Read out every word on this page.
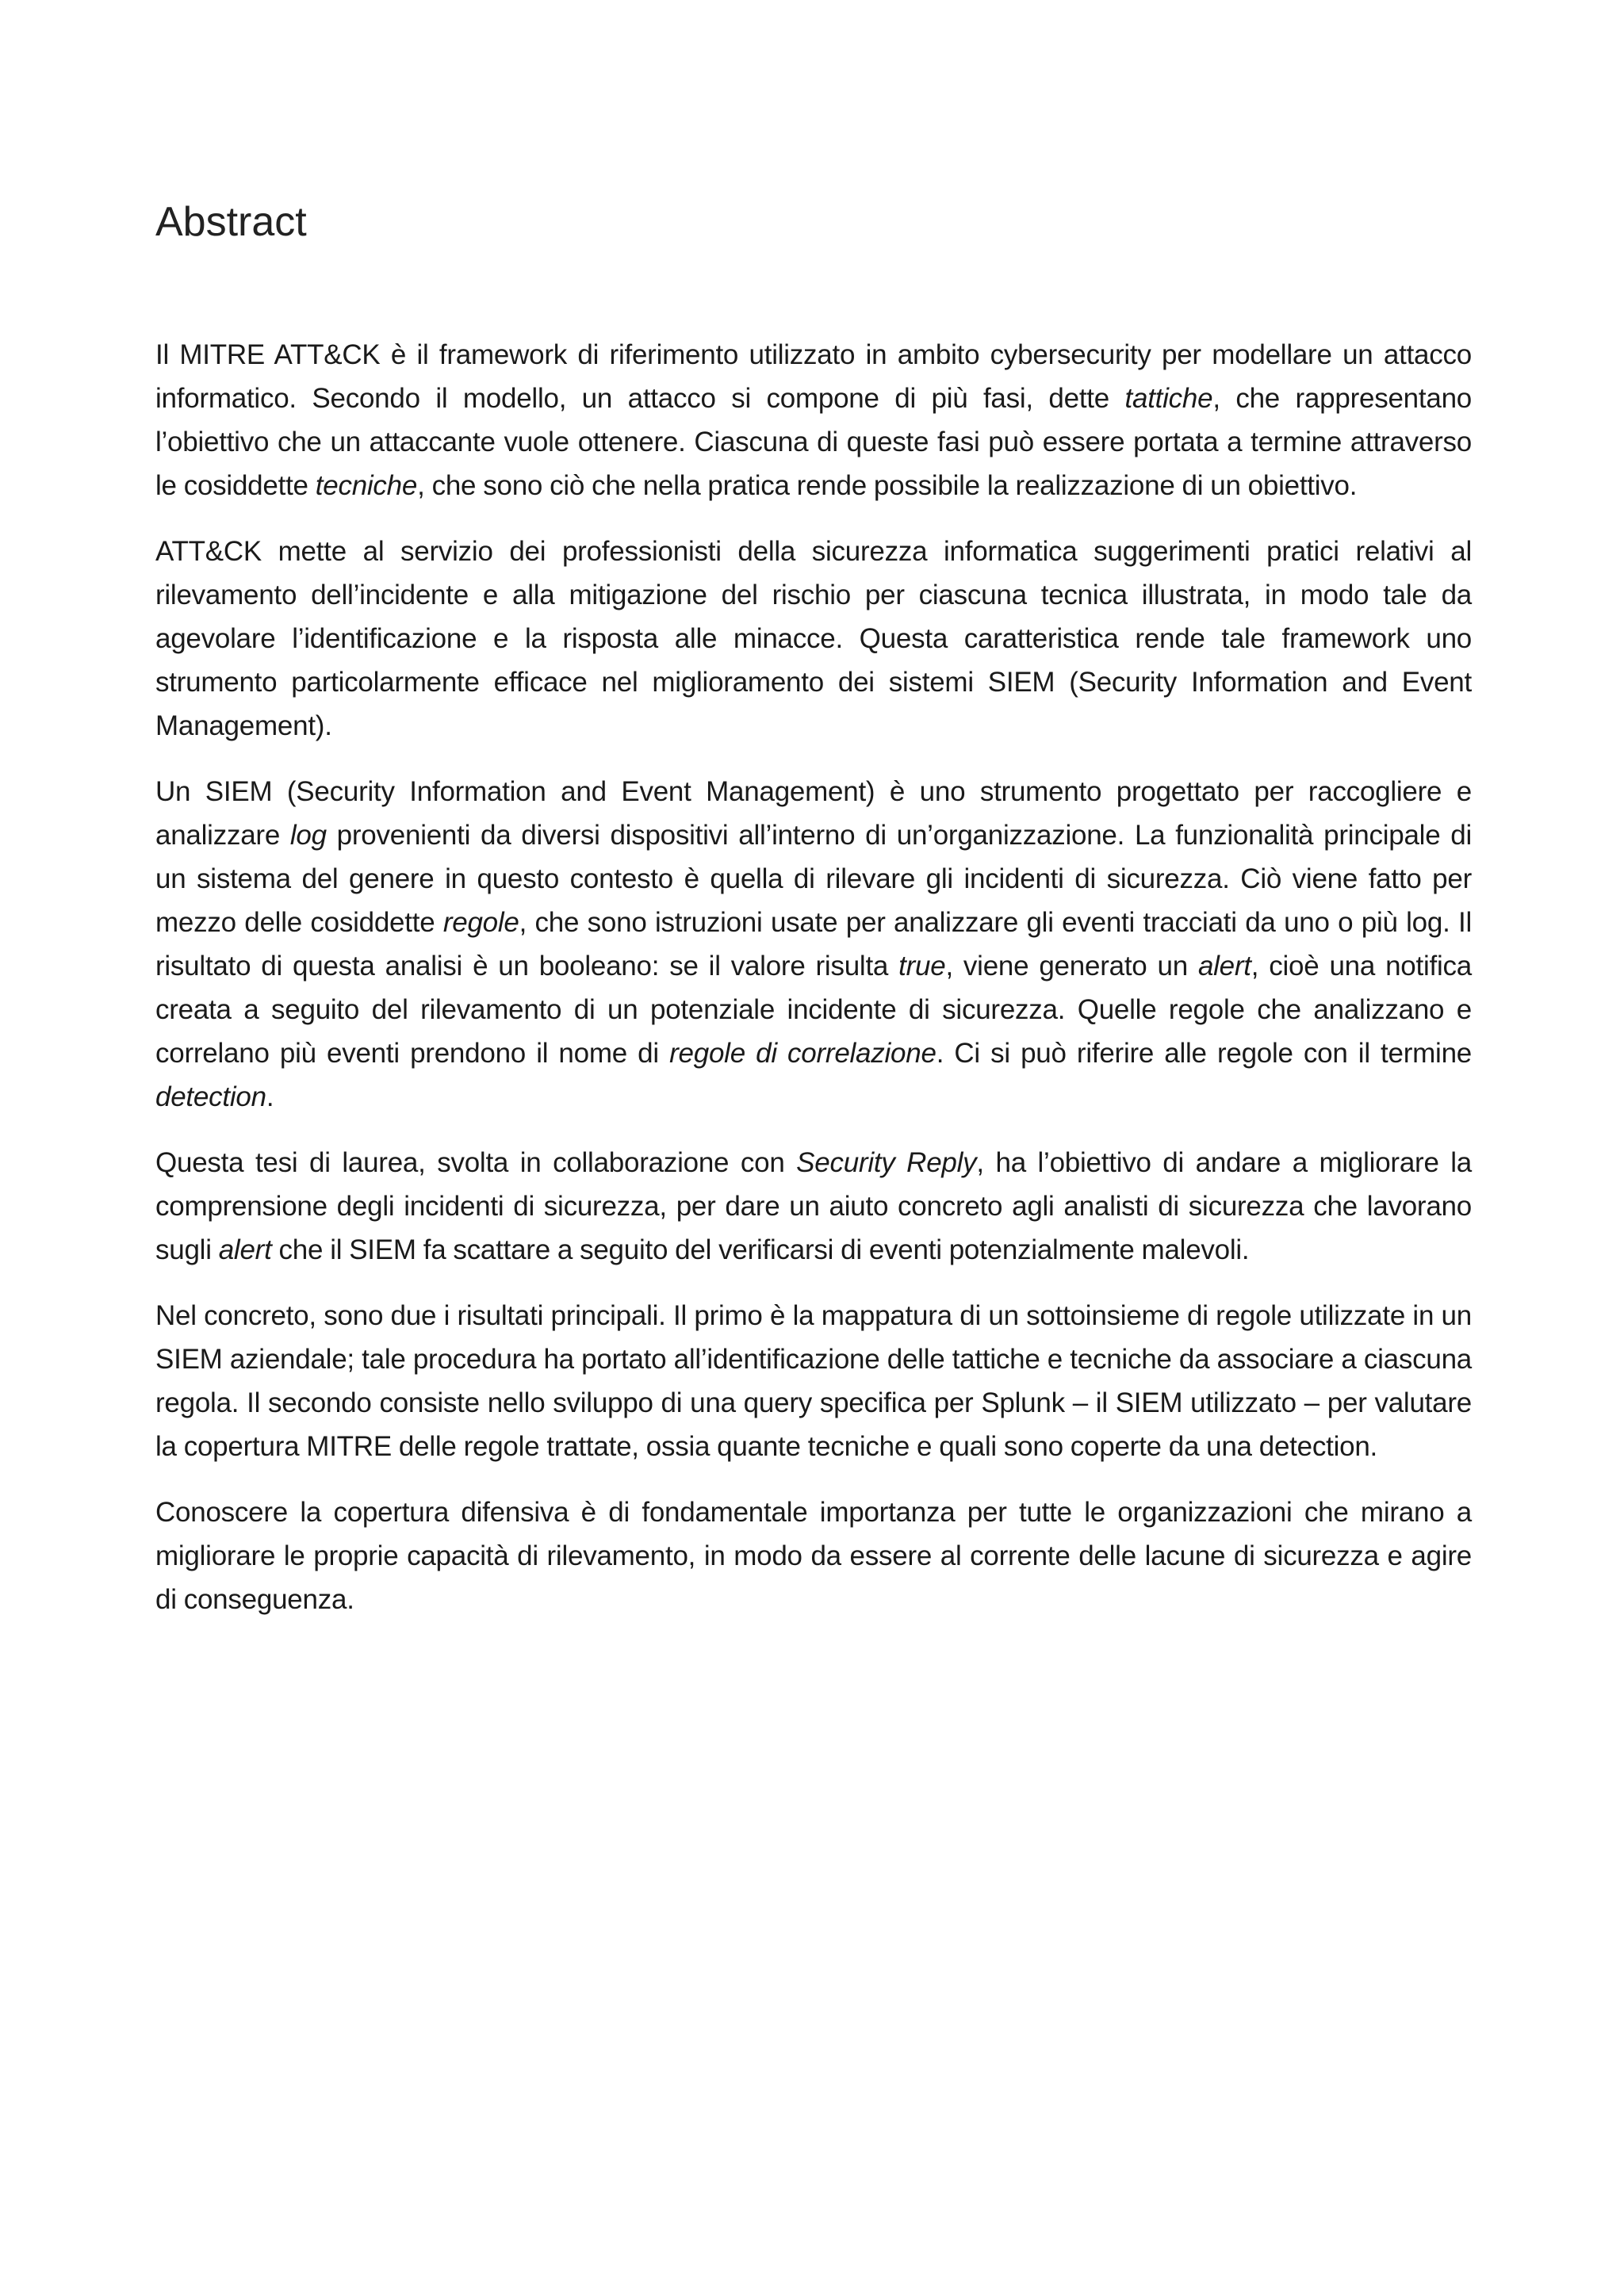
Abstract

Il MITRE ATT&CK è il framework di riferimento utilizzato in ambito cybersecurity per modellare un attacco informatico. Secondo il modello, un attacco si compone di più fasi, dette tattiche, che rappresentano l’obiettivo che un attaccante vuole ottenere. Ciascuna di queste fasi può essere portata a termine attraverso le cosiddette tecniche, che sono ciò che nella pratica rende possibile la realizzazione di un obiettivo.

ATT&CK mette al servizio dei professionisti della sicurezza informatica suggerimenti pratici relativi al rilevamento dell’incidente e alla mitigazione del rischio per ciascuna tecnica illustrata, in modo tale da agevolare l’identificazione e la risposta alle minacce. Questa caratteristica rende tale framework uno strumento particolarmente efficace nel miglioramento dei sistemi SIEM (Security Information and Event Management).

Un SIEM (Security Information and Event Management) è uno strumento progettato per raccogliere e analizzare log provenienti da diversi dispositivi all’interno di un’organizzazione. La funzionalità principale di un sistema del genere in questo contesto è quella di rilevare gli incidenti di sicurezza. Ciò viene fatto per mezzo delle cosiddette regole, che sono istruzioni usate per analizzare gli eventi tracciati da uno o più log. Il risultato di questa analisi è un booleano: se il valore risulta true, viene generato un alert, cioè una notifica creata a seguito del rilevamento di un potenziale incidente di sicurezza. Quelle regole che analizzano e correlano più eventi prendono il nome di regole di correlazione. Ci si può riferire alle regole con il termine detection.

Questa tesi di laurea, svolta in collaborazione con Security Reply, ha l’obiettivo di andare a migliorare la comprensione degli incidenti di sicurezza, per dare un aiuto concreto agli analisti di sicurezza che lavorano sugli alert che il SIEM fa scattare a seguito del verificarsi di eventi potenzialmente malevoli.

Nel concreto, sono due i risultati principali. Il primo è la mappatura di un sottoinsieme di regole utilizzate in un SIEM aziendale; tale procedura ha portato all’identificazione delle tattiche e tecniche da associare a ciascuna regola. Il secondo consiste nello sviluppo di una query specifica per Splunk – il SIEM utilizzato – per valutare la copertura MITRE delle regole trattate, ossia quante tecniche e quali sono coperte da una detection.

Conoscere la copertura difensiva è di fondamentale importanza per tutte le organizzazioni che mirano a migliorare le proprie capacità di rilevamento, in modo da essere al corrente delle lacune di sicurezza e agire di conseguenza.
